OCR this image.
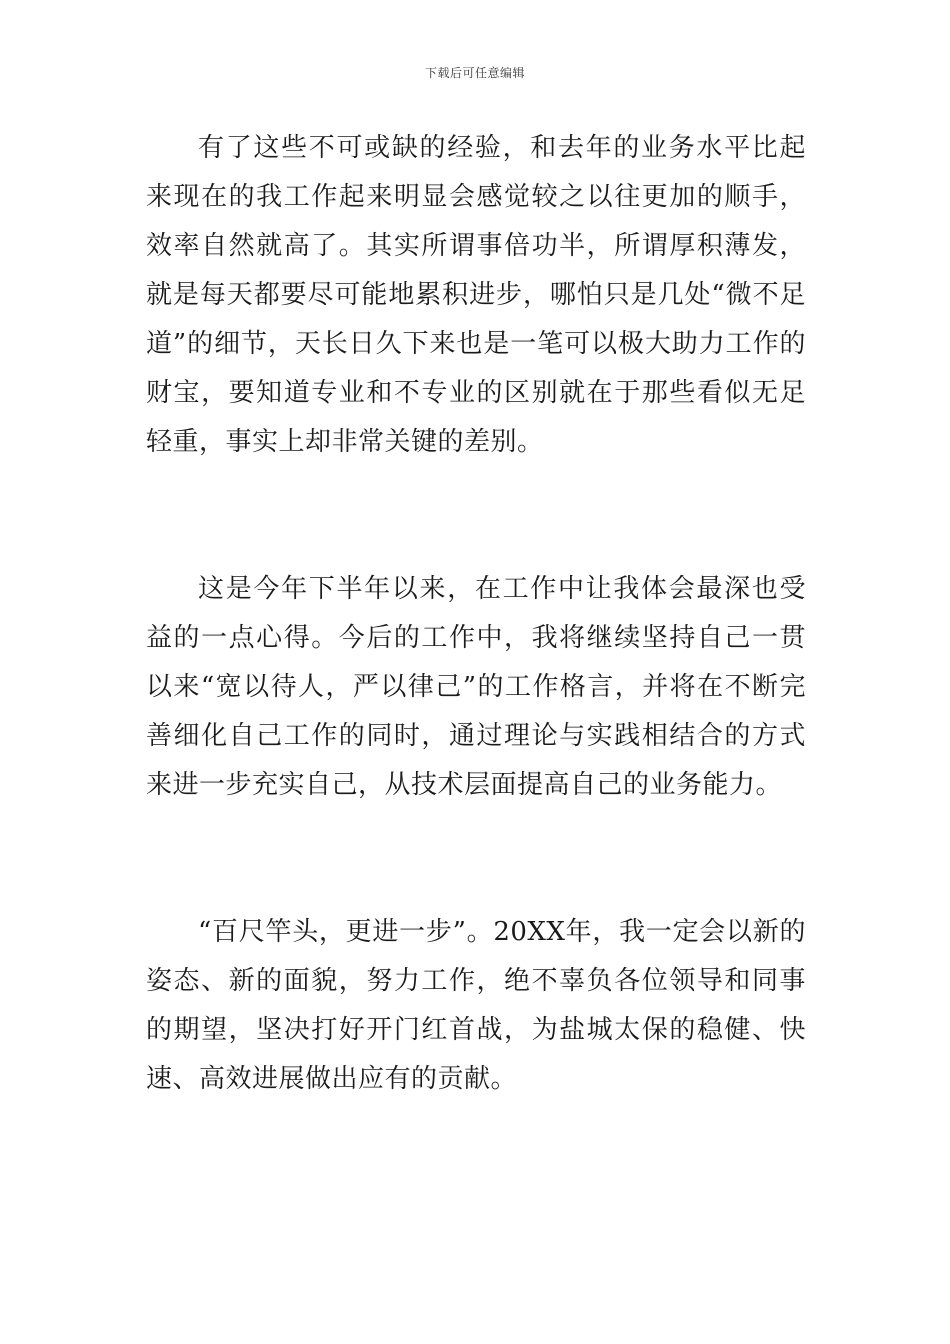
下载后可任意编辑

有了这些不可或缺的经验，和去年的业务水平比起来现在的我工作起来明显会感觉较之以往更加的顺手，效率自然就高了。其实所谓事倍功半，所谓厚积薄发，就是每天都要尽可能地累积进步，哪怕只是几处“微不足道”的细节，天长日久下来也是一笔可以极大助力工作的财宝，要知道专业和不专业的区别就在于那些看似无足轻重，事实上却非常关键的差别。

这是今年下半年以来，在工作中让我体会最深也受益的一点心得。今后的工作中，我将继续坚持自己一贯以来“宽以待人，严以律己”的工作格言，并将在不断完善细化自己工作的同时，通过理论与实践相结合的方式来进一步充实自己，从技术层面提高自己的业务能力。

“百尺竿头，更进一步”。20XX年，我一定会以新的姿态、新的面貌，努力工作，绝不辜负各位领导和同事的期望，坚决打好开门红首战，为盐城太保的稳健、快速、高效进展做出应有的贡献。
